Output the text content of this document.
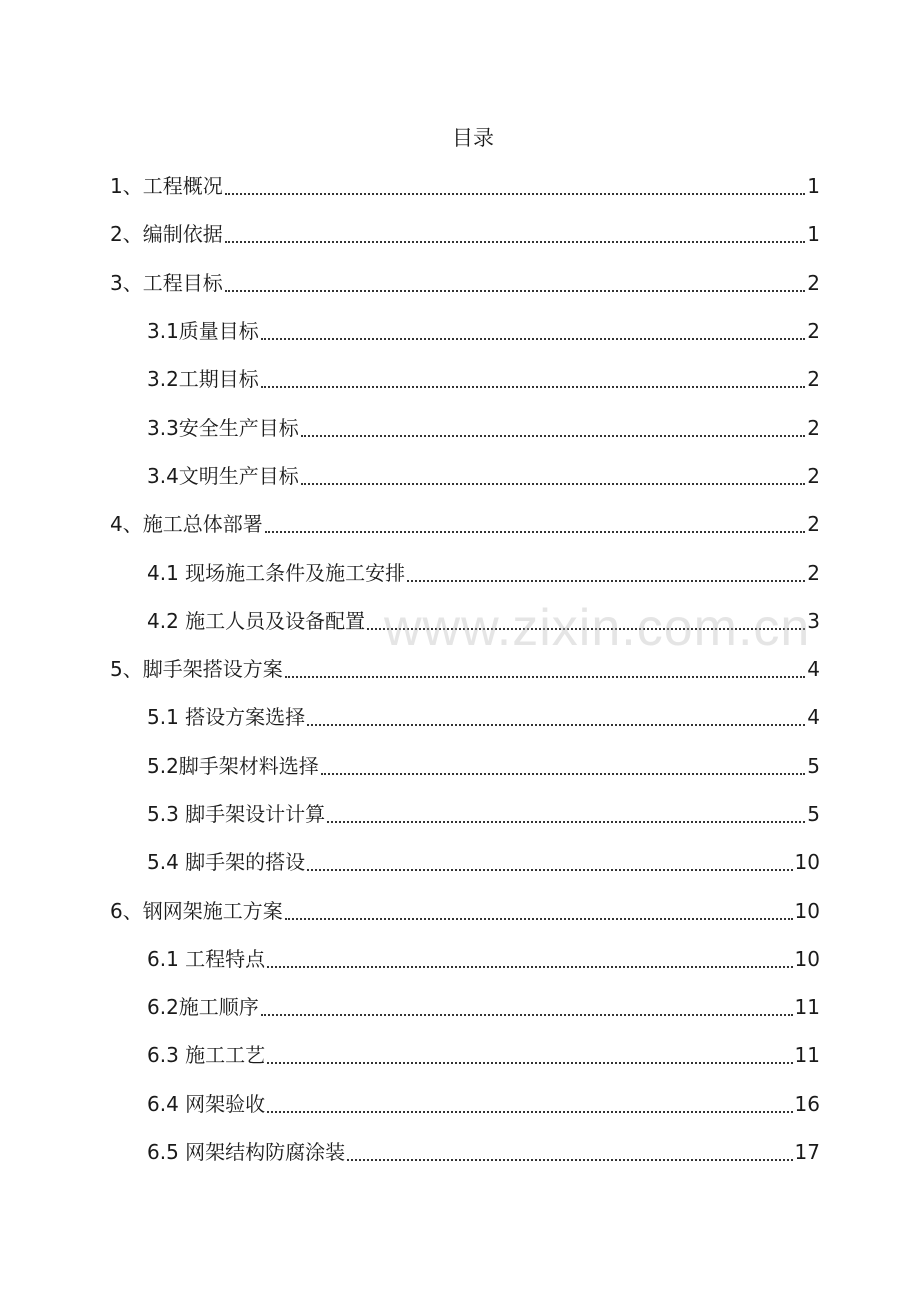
目录
1、工程概况	1
2、编制依据	1
3、工程目标	2
3.1质量目标	2
3.2工期目标	2
3.3安全生产目标	2
3.4文明生产目标	2
4、施工总体部署	2
4.1 现场施工条件及施工安排	2
4.2 施工人员及设备配置	3
5、脚手架搭设方案	4
5.1 搭设方案选择	4
5.2脚手架材料选择	5
5.3 脚手架设计计算	5
5.4 脚手架的搭设	10
6、钢网架施工方案	10
6.1 工程特点	10
6.2施工顺序	11
6.3 施工工艺	11
6.4 网架验收	16
6.5 网架结构防腐涂装	17
www.zixin.com.cn
